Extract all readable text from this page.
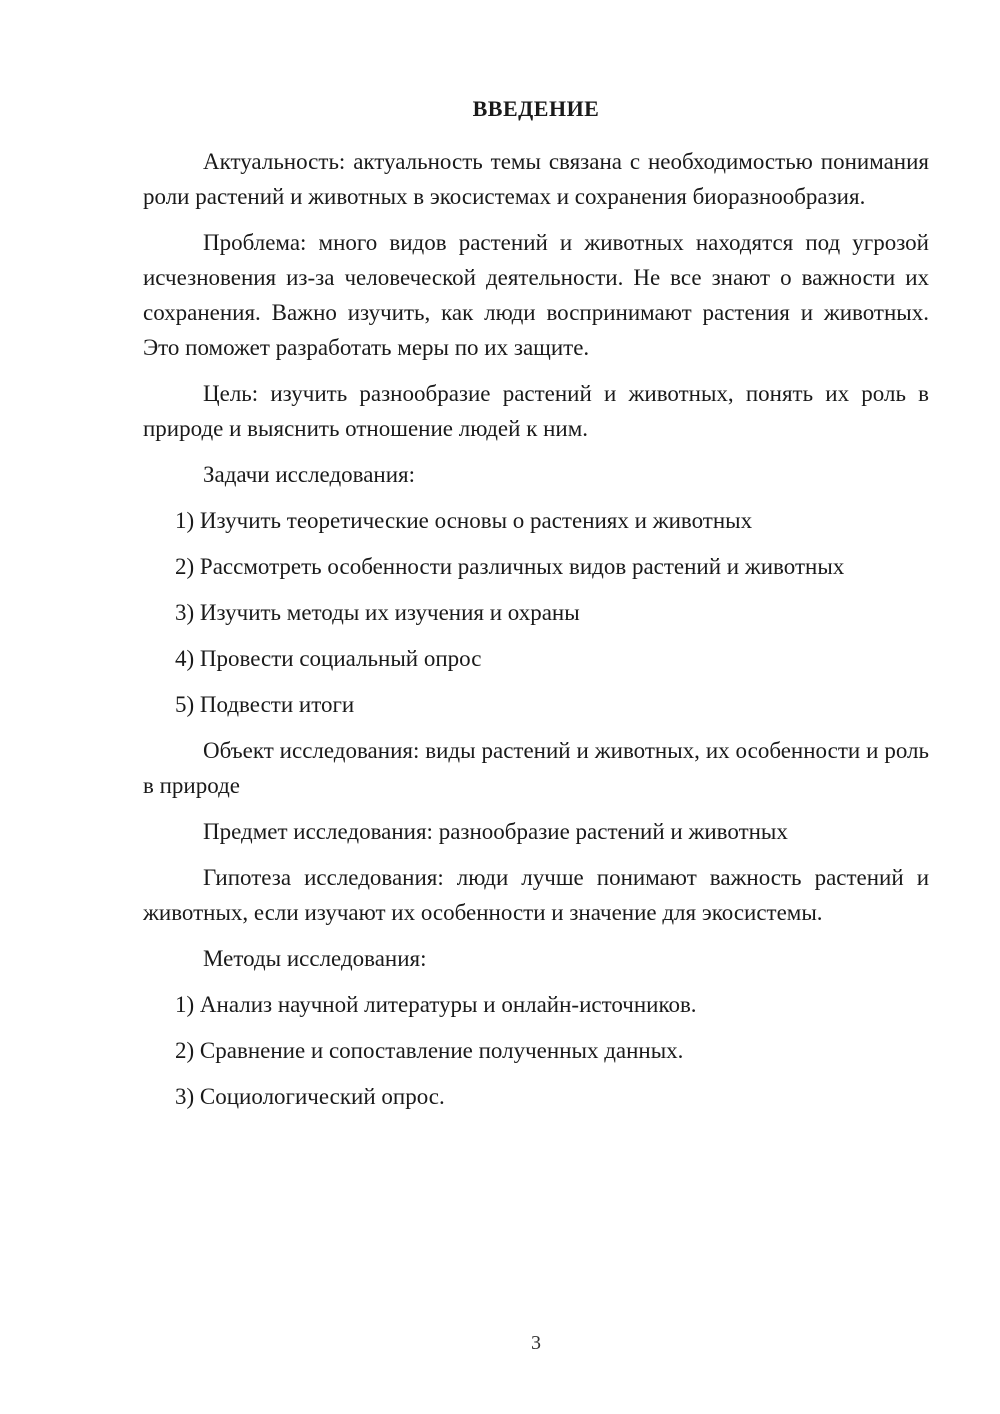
ВВЕДЕНИЕ

Актуальность: актуальность темы связана с необходимостью понимания роли растений и животных в экосистемах и сохранения биоразнообразия.

Проблема: много видов растений и животных находятся под угрозой исчезновения из-за человеческой деятельности. Не все знают о важности их сохранения. Важно изучить, как люди воспринимают растения и животных. Это поможет разработать меры по их защите.

Цель: изучить разнообразие растений и животных, понять их роль в природе и выяснить отношение людей к ним.

Задачи исследования:

1) Изучить теоретические основы о растениях и животных
2) Рассмотреть особенности различных видов растений и животных
3) Изучить методы их изучения и охраны
4) Провести социальный опрос
5) Подвести итоги

Объект исследования: виды растений и животных, их особенности и роль в природе

Предмет исследования: разнообразие растений и животных

Гипотеза исследования: люди лучше понимают важность растений и животных, если изучают их особенности и значение для экосистемы.

Методы исследования:

1) Анализ научной литературы и онлайн-источников.
2) Сравнение и сопоставление полученных данных.
3) Социологический опрос.
3
